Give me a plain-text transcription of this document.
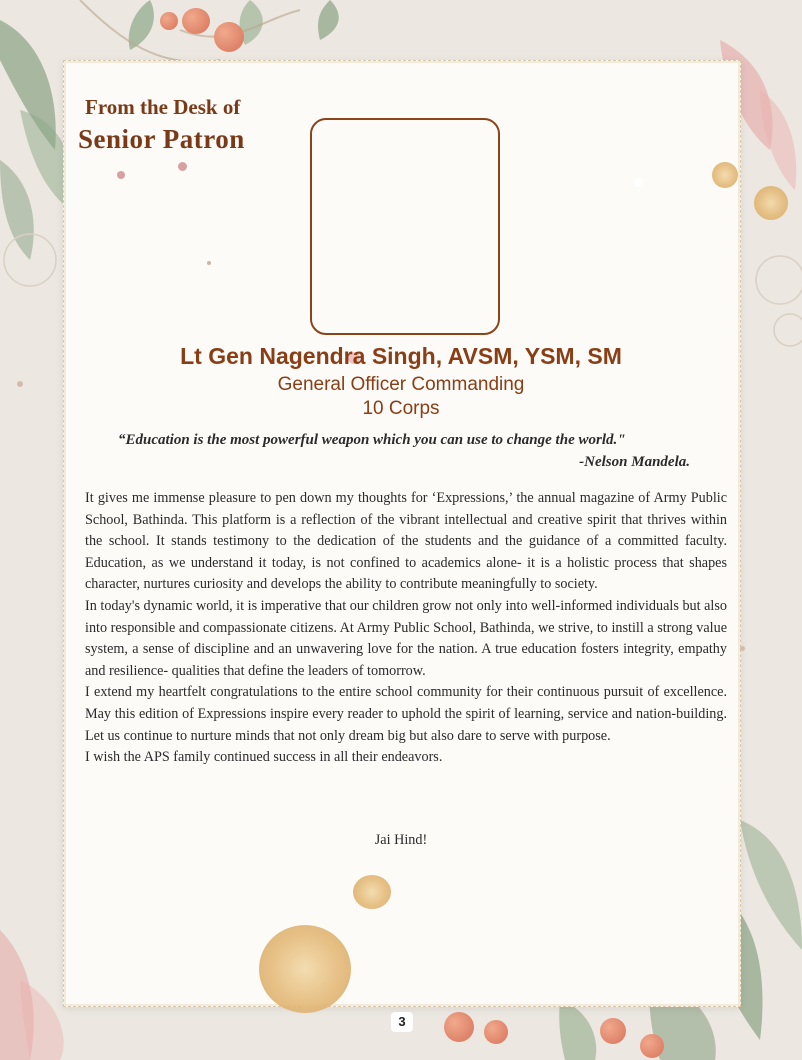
From the Desk of
Senior Patron
Lt Gen Nagendra Singh, AVSM, YSM, SM
General Officer Commanding
10 Corps
“Education is the most powerful weapon which you can use to change the world."
-Nelson Mandela.

It gives me immense pleasure to pen down my thoughts for ‘Expressions,’ the annual magazine of Army Public School, Bathinda. This platform is a reflection of the vibrant intellectual and creative spirit that thrives within the school. It stands testimony to the dedication of the students and the guidance of a committed faculty. Education, as we understand it today, is not confined to academics alone- it is a holistic process that shapes character, nurtures curiosity and develops the ability to contribute meaningfully to society.

In today's dynamic world, it is imperative that our children grow not only into well-informed individuals but also into responsible and compassionate citizens. At Army Public School, Bathinda, we strive, to instill a strong value system, a sense of discipline and an unwavering love for the nation. A true education fosters integrity, empathy and resilience- qualities that define the leaders of tomorrow.

I extend my heartfelt congratulations to the entire school community for their continuous pursuit of excellence. May this edition of Expressions inspire every reader to uphold the spirit of learning, service and nation-building. Let us continue to nurture minds that not only dream big but also dare to serve with purpose.

I wish the APS family continued success in all their endeavors.

Jai Hind!
3
